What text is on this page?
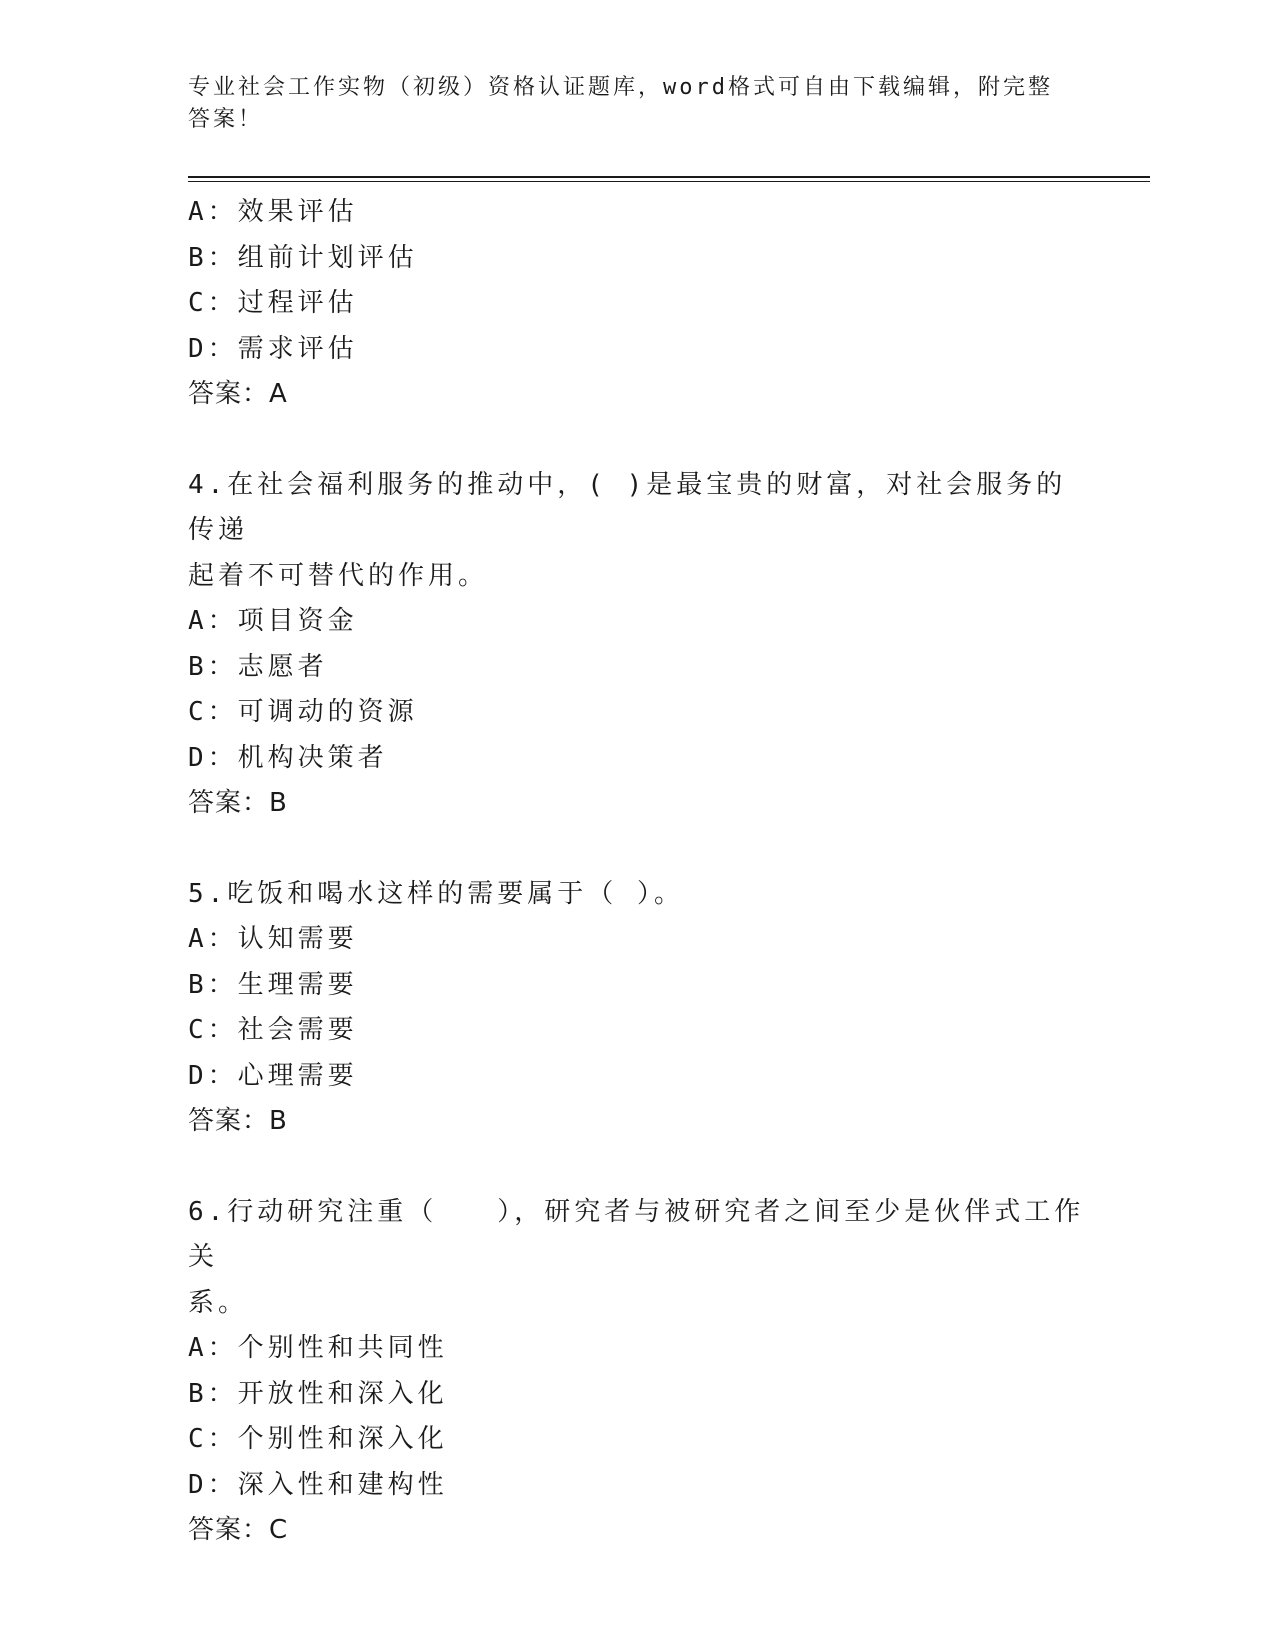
专业社会工作实物（初级）资格认证题库，word格式可自由下载编辑，附完整答案！
A：效果评估
B：组前计划评估
C：过程评估
D：需求评估
答案：A
4.在社会福利服务的推动中，( )是最宝贵的财富，对社会服务的传递
起着不可替代的作用。
A：项目资金
B：志愿者
C：可调动的资源
D：机构决策者
答案：B
5.吃饭和喝水这样的需要属于（ ）。
A：认知需要
B：生理需要
C：社会需要
D：心理需要
答案：B
6.行动研究注重（　　），研究者与被研究者之间至少是伙伴式工作关
系。
A：个别性和共同性
B：开放性和深入化
C：个别性和深入化
D：深入性和建构性
答案：C
